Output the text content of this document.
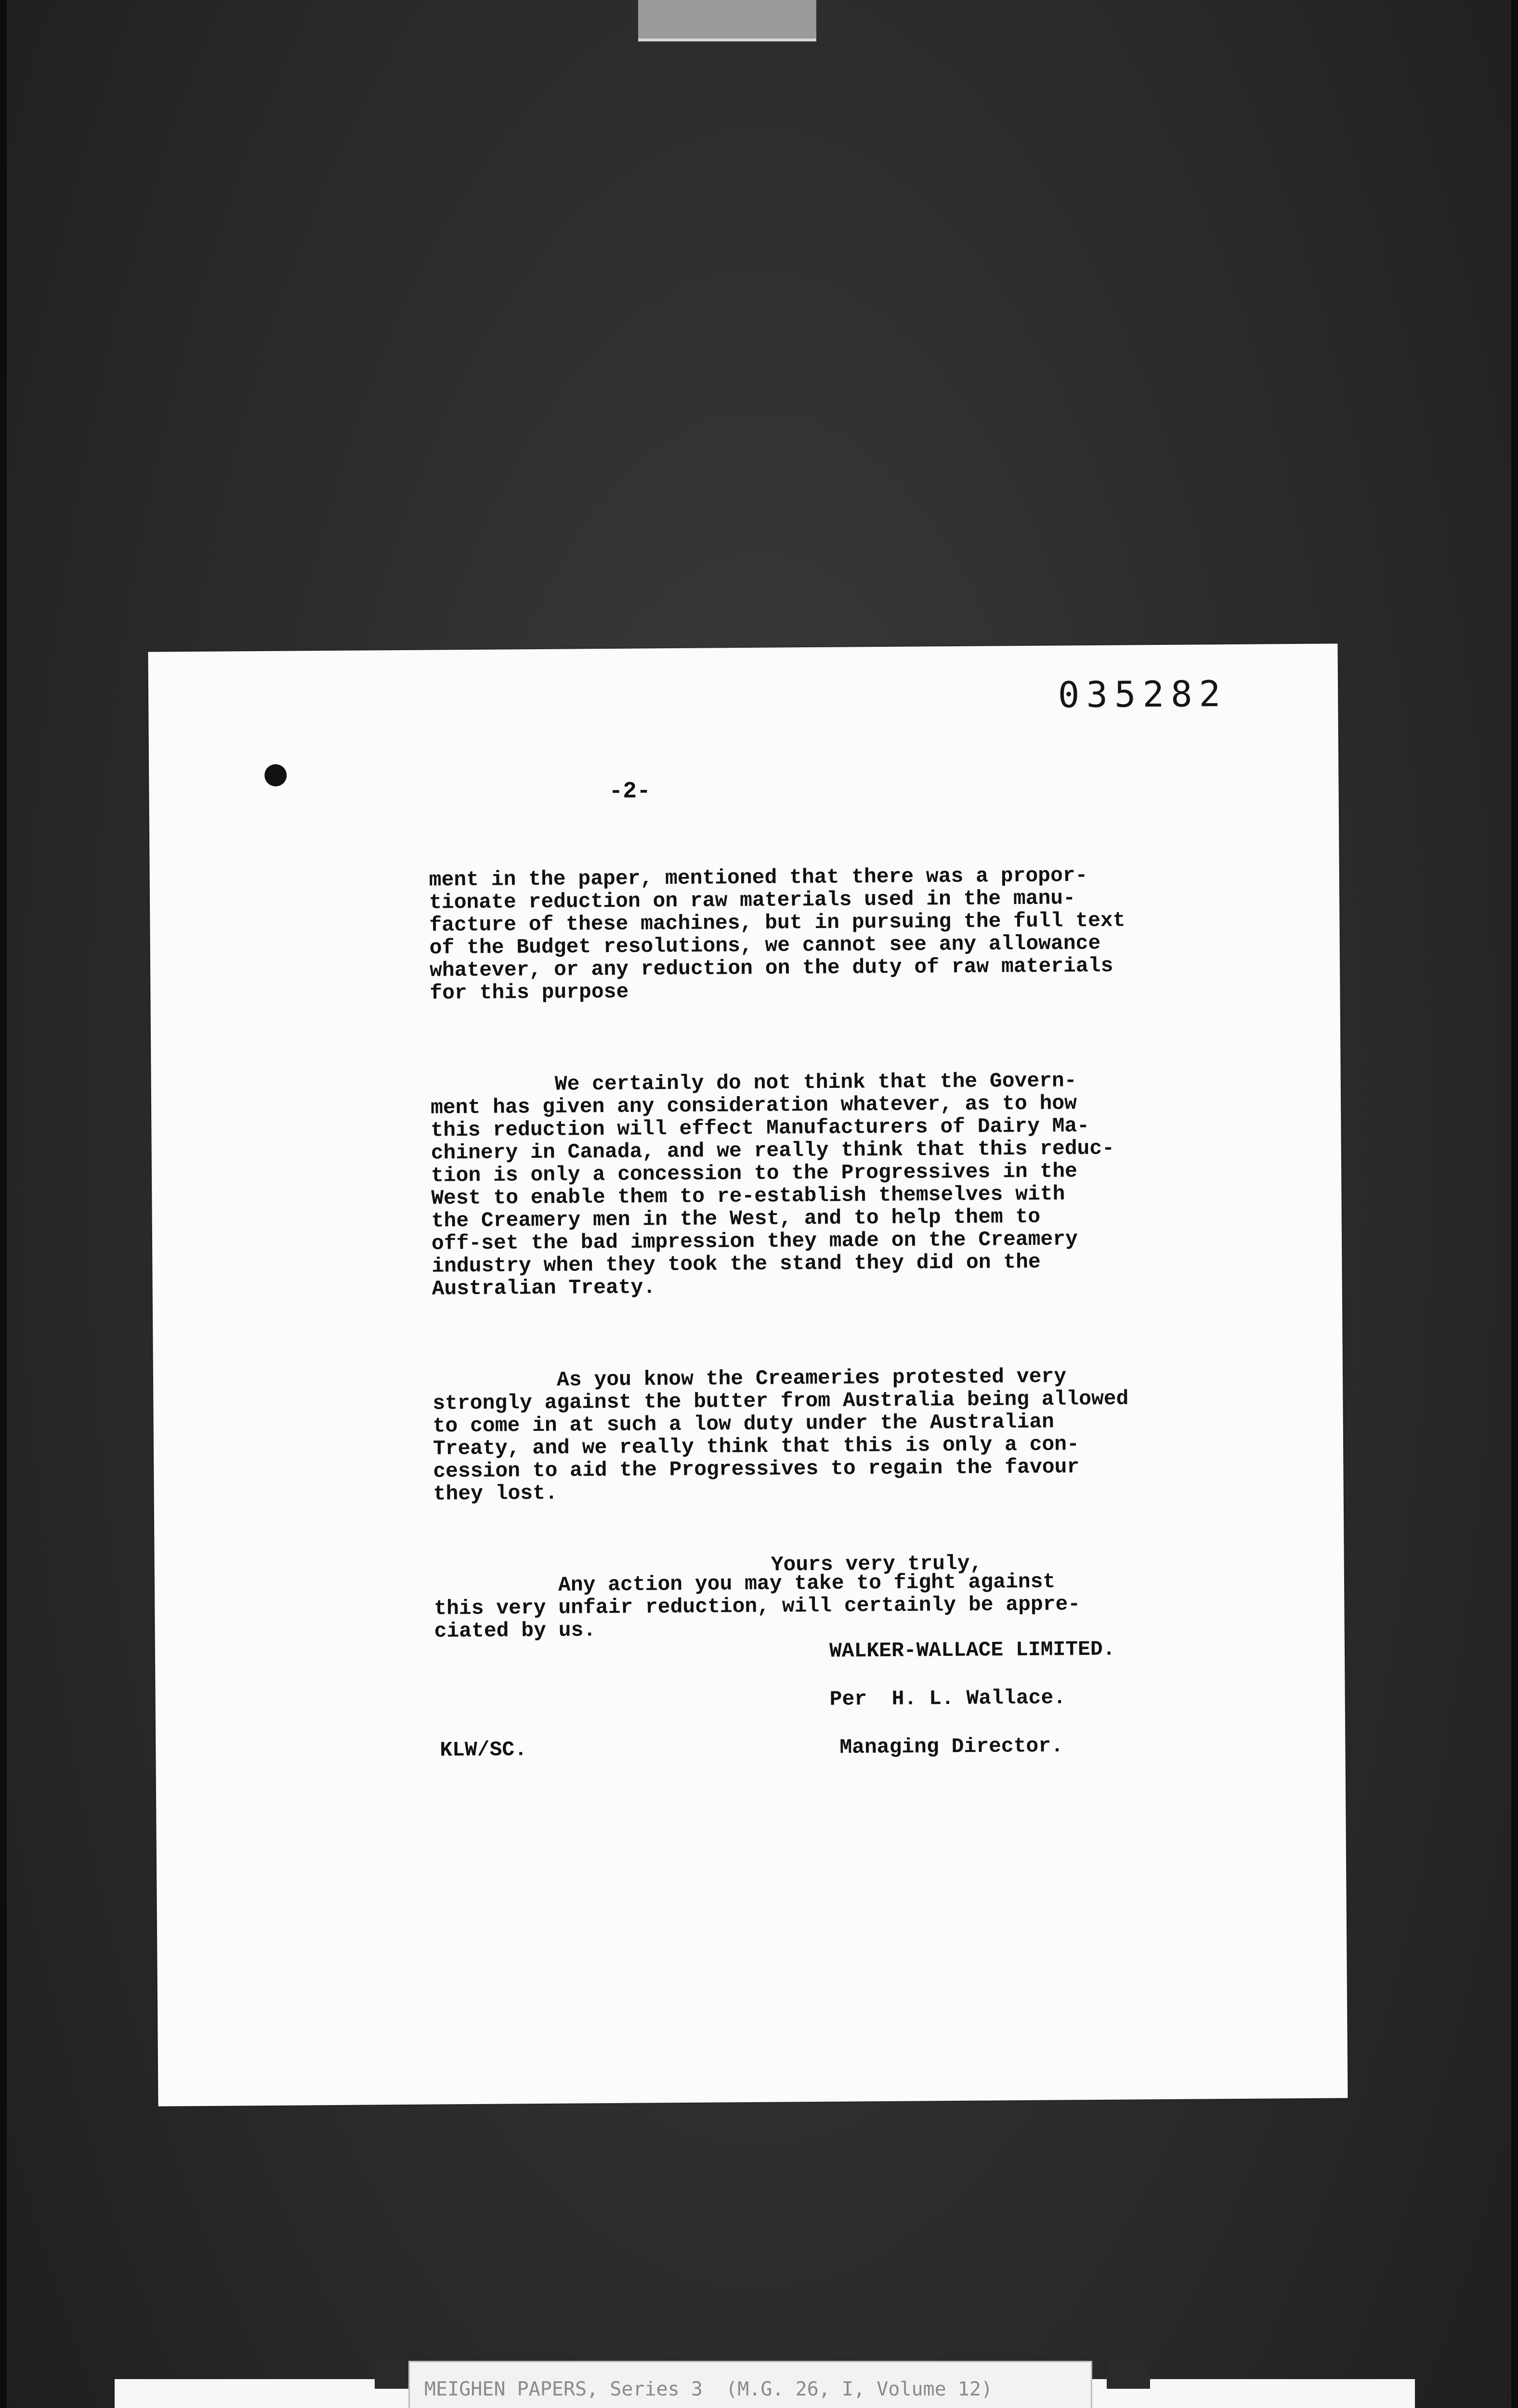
035282
-2-

ment in the paper, mentioned that there was a propor-
tionate reduction on raw materials used in the manu-
facture of these machines, but in pursuing the full text
of the Budget resolutions, we cannot see any allowance
whatever, or any reduction on the duty of raw materials
for this purpose

We certainly do not think that the Govern-
ment has given any consideration whatever, as to how
this reduction will effect Manufacturers of Dairy Ma-
chinery in Canada, and we really think that this reduc-
tion is only a concession to the Progressives in the
West to enable them to re-establish themselves with
the Creamery men in the West, and to help them to
off-set the bad impression they made on the Creamery
industry when they took the stand they did on the
Australian Treaty.

As you know the Creameries protested very
strongly against the butter from Australia being allowed
to come in at such a low duty under the Australian
Treaty, and we really think that this is only a con-
cession to aid the Progressives to regain the favour
they lost.

Any action you may take to fight against
this very unfair reduction, will certainly be appre-
ciated by us.

Yours very truly,
WALKER-WALLACE LIMITED.
Per  H. L. Wallace.
Managing Director.
KLW/SC.
MEIGHEN PAPERS, Series 3  (M.G. 26, I, Volume 12)
